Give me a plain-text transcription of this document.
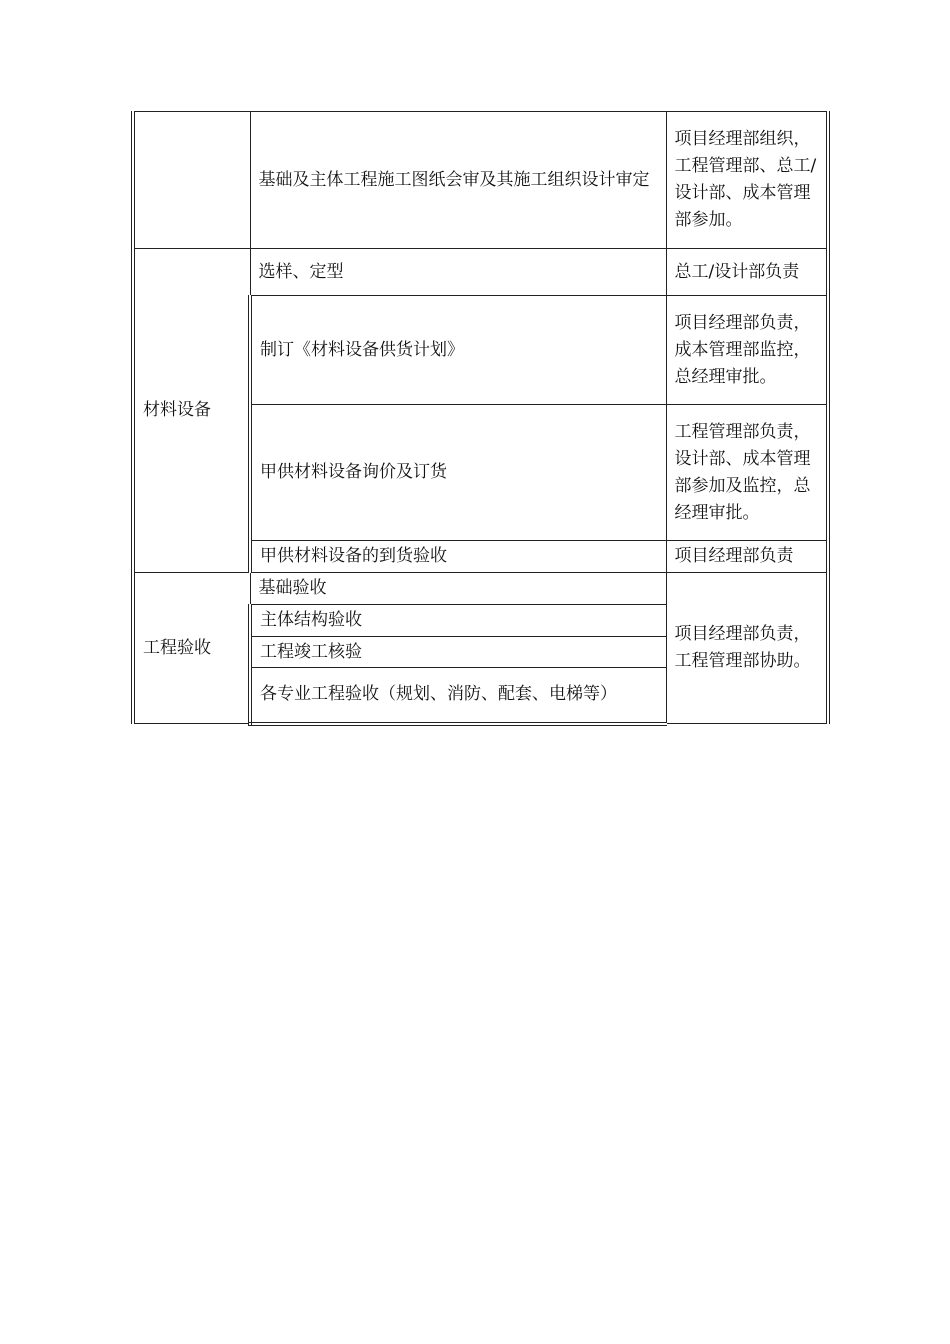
	基础及主体工程施工图纸会审及其施工组织设计审定	项目经理部组织，工程管理部、总工/设计部、成本管理部参加。
材料设备	选样、定型	总工/设计部负责
	制订《材料设备供货计划》	项目经理部负责，成本管理部监控，总经理审批。
	甲供材料设备询价及订货	工程管理部负责，设计部、成本管理部参加及监控，总经理审批。
	甲供材料设备的到货验收	项目经理部负责
工程验收	基础验收	项目经理部负责，工程管理部协助。
	主体结构验收	
	工程竣工核验	
	各专业工程验收（规划、消防、配套、电梯等）	
